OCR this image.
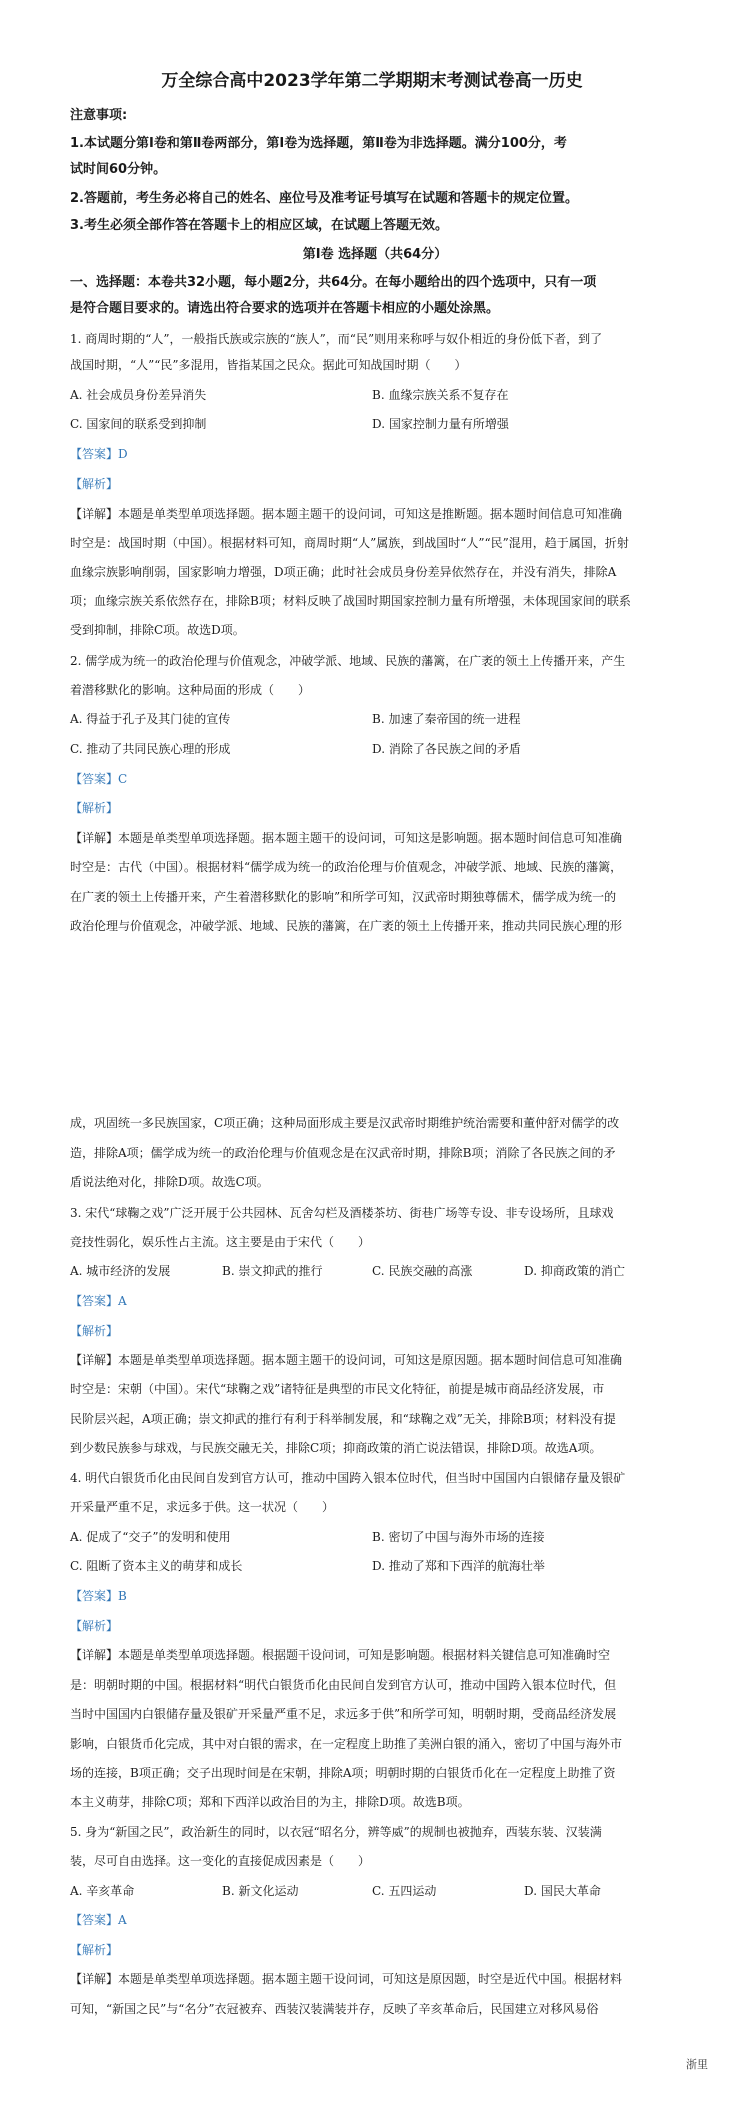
万全综合高中2023学年第二学期期末考测试卷高一历史
注意事项:
1.本试题分第Ⅰ卷和第Ⅱ卷两部分，第Ⅰ卷为选择题，第Ⅱ卷为非选择题。满分100分，考
试时间60分钟。
2.答题前，考生务必将自己的姓名、座位号及准考证号填写在试题和答题卡的规定位置。
3.考生必须全部作答在答题卡上的相应区域，在试题上答题无效。
第Ⅰ卷 选择题（共64分）
一、选择题：本卷共32小题，每小题2分，共64分。在每小题给出的四个选项中，只有一项
是符合题目要求的。请选出符合要求的选项并在答题卡相应的小题处涂黑。
1. 商周时期的“人”，一般指氏族或宗族的“族人”，而“民”则用来称呼与奴仆相近的身份低下者，到了
战国时期，“人”“民”多混用，皆指某国之民众。据此可知战国时期（　　）
A. 社会成员身份差异消失	B. 血缘宗族关系不复存在
C. 国家间的联系受到抑制	D. 国家控制力量有所增强
【答案】D
【解析】
【详解】本题是单类型单项选择题。据本题主题干的设问词，可知这是推断题。据本题时间信息可知准确
时空是：战国时期（中国）。根据材料可知，商周时期“人”属族，到战国时“人”“民”混用，趋于属国，折射
血缘宗族影响削弱，国家影响力增强，D项正确；此时社会成员身份差异依然存在，并没有消失，排除A
项；血缘宗族关系依然存在，排除B项；材料反映了战国时期国家控制力量有所增强，未体现国家间的联系
受到抑制，排除C项。故选D项。
2. 儒学成为统一的政治伦理与价值观念，冲破学派、地域、民族的藩篱，在广袤的领土上传播开来，产生
着潜移默化的影响。这种局面的形成（　　）
A. 得益于孔子及其门徒的宣传	B. 加速了秦帝国的统一进程
C. 推动了共同民族心理的形成	D. 消除了各民族之间的矛盾
【答案】C
【解析】
【详解】本题是单类型单项选择题。据本题主题干的设问词，可知这是影响题。据本题时间信息可知准确
时空是：古代（中国）。根据材料“儒学成为统一的政治伦理与价值观念，冲破学派、地域、民族的藩篱，
在广袤的领土上传播开来，产生着潜移默化的影响”和所学可知，汉武帝时期独尊儒术，儒学成为统一的
政治伦理与价值观念，冲破学派、地域、民族的藩篱，在广袤的领土上传播开来，推动共同民族心理的形
成，巩固统一多民族国家，C项正确；这种局面形成主要是汉武帝时期维护统治需要和董仲舒对儒学的改
造，排除A项；儒学成为统一的政治伦理与价值观念是在汉武帝时期，排除B项；消除了各民族之间的矛
盾说法绝对化，排除D项。故选C项。
3. 宋代“球鞠之戏”广泛开展于公共园林、瓦舍勾栏及酒楼茶坊、街巷广场等专设、非专设场所，且球戏
竞技性弱化，娱乐性占主流。这主要是由于宋代（　　）
A. 城市经济的发展	B. 崇文抑武的推行	C. 民族交融的高涨	D. 抑商政策的消亡
【答案】A
【解析】
【详解】本题是单类型单项选择题。据本题主题干的设问词，可知这是原因题。据本题时间信息可知准确
时空是：宋朝（中国）。宋代“球鞠之戏”诸特征是典型的市民文化特征，前提是城市商品经济发展，市
民阶层兴起，A项正确；崇文抑武的推行有利于科举制发展，和“球鞠之戏”无关，排除B项；材料没有提
到少数民族参与球戏，与民族交融无关，排除C项；抑商政策的消亡说法错误，排除D项。故选A项。
4. 明代白银货币化由民间自发到官方认可，推动中国跨入银本位时代，但当时中国国内白银储存量及银矿
开采量严重不足，求远多于供。这一状况（　　）
A. 促成了“交子”的发明和使用	B. 密切了中国与海外市场的连接
C. 阻断了资本主义的萌芽和成长	D. 推动了郑和下西洋的航海壮举
【答案】B
【解析】
【详解】本题是单类型单项选择题。根据题干设问词，可知是影响题。根据材料关键信息可知准确时空
是：明朝时期的中国。根据材料“明代白银货币化由民间自发到官方认可，推动中国跨入银本位时代，但
当时中国国内白银储存量及银矿开采量严重不足，求远多于供”和所学可知，明朝时期，受商品经济发展
影响，白银货币化完成，其中对白银的需求，在一定程度上助推了美洲白银的涌入，密切了中国与海外市
场的连接，B项正确；交子出现时间是在宋朝，排除A项；明朝时期的白银货币化在一定程度上助推了资
本主义萌芽，排除C项；郑和下西洋以政治目的为主，排除D项。故选B项。
5. 身为“新国之民”，政治新生的同时，以衣冠“昭名分，辨等威”的规制也被抛弃，西装东装、汉装满
装，尽可自由选择。这一变化的直接促成因素是（　　）
A. 辛亥革命	B. 新文化运动	C. 五四运动	D. 国民大革命
【答案】A
【解析】
【详解】本题是单类型单项选择题。据本题主题干设问词，可知这是原因题，时空是近代中国。根据材料
可知，“新国之民”与“名分”衣冠被弃、西装汉装满装并存，反映了辛亥革命后，民国建立对移风易俗
浙里
